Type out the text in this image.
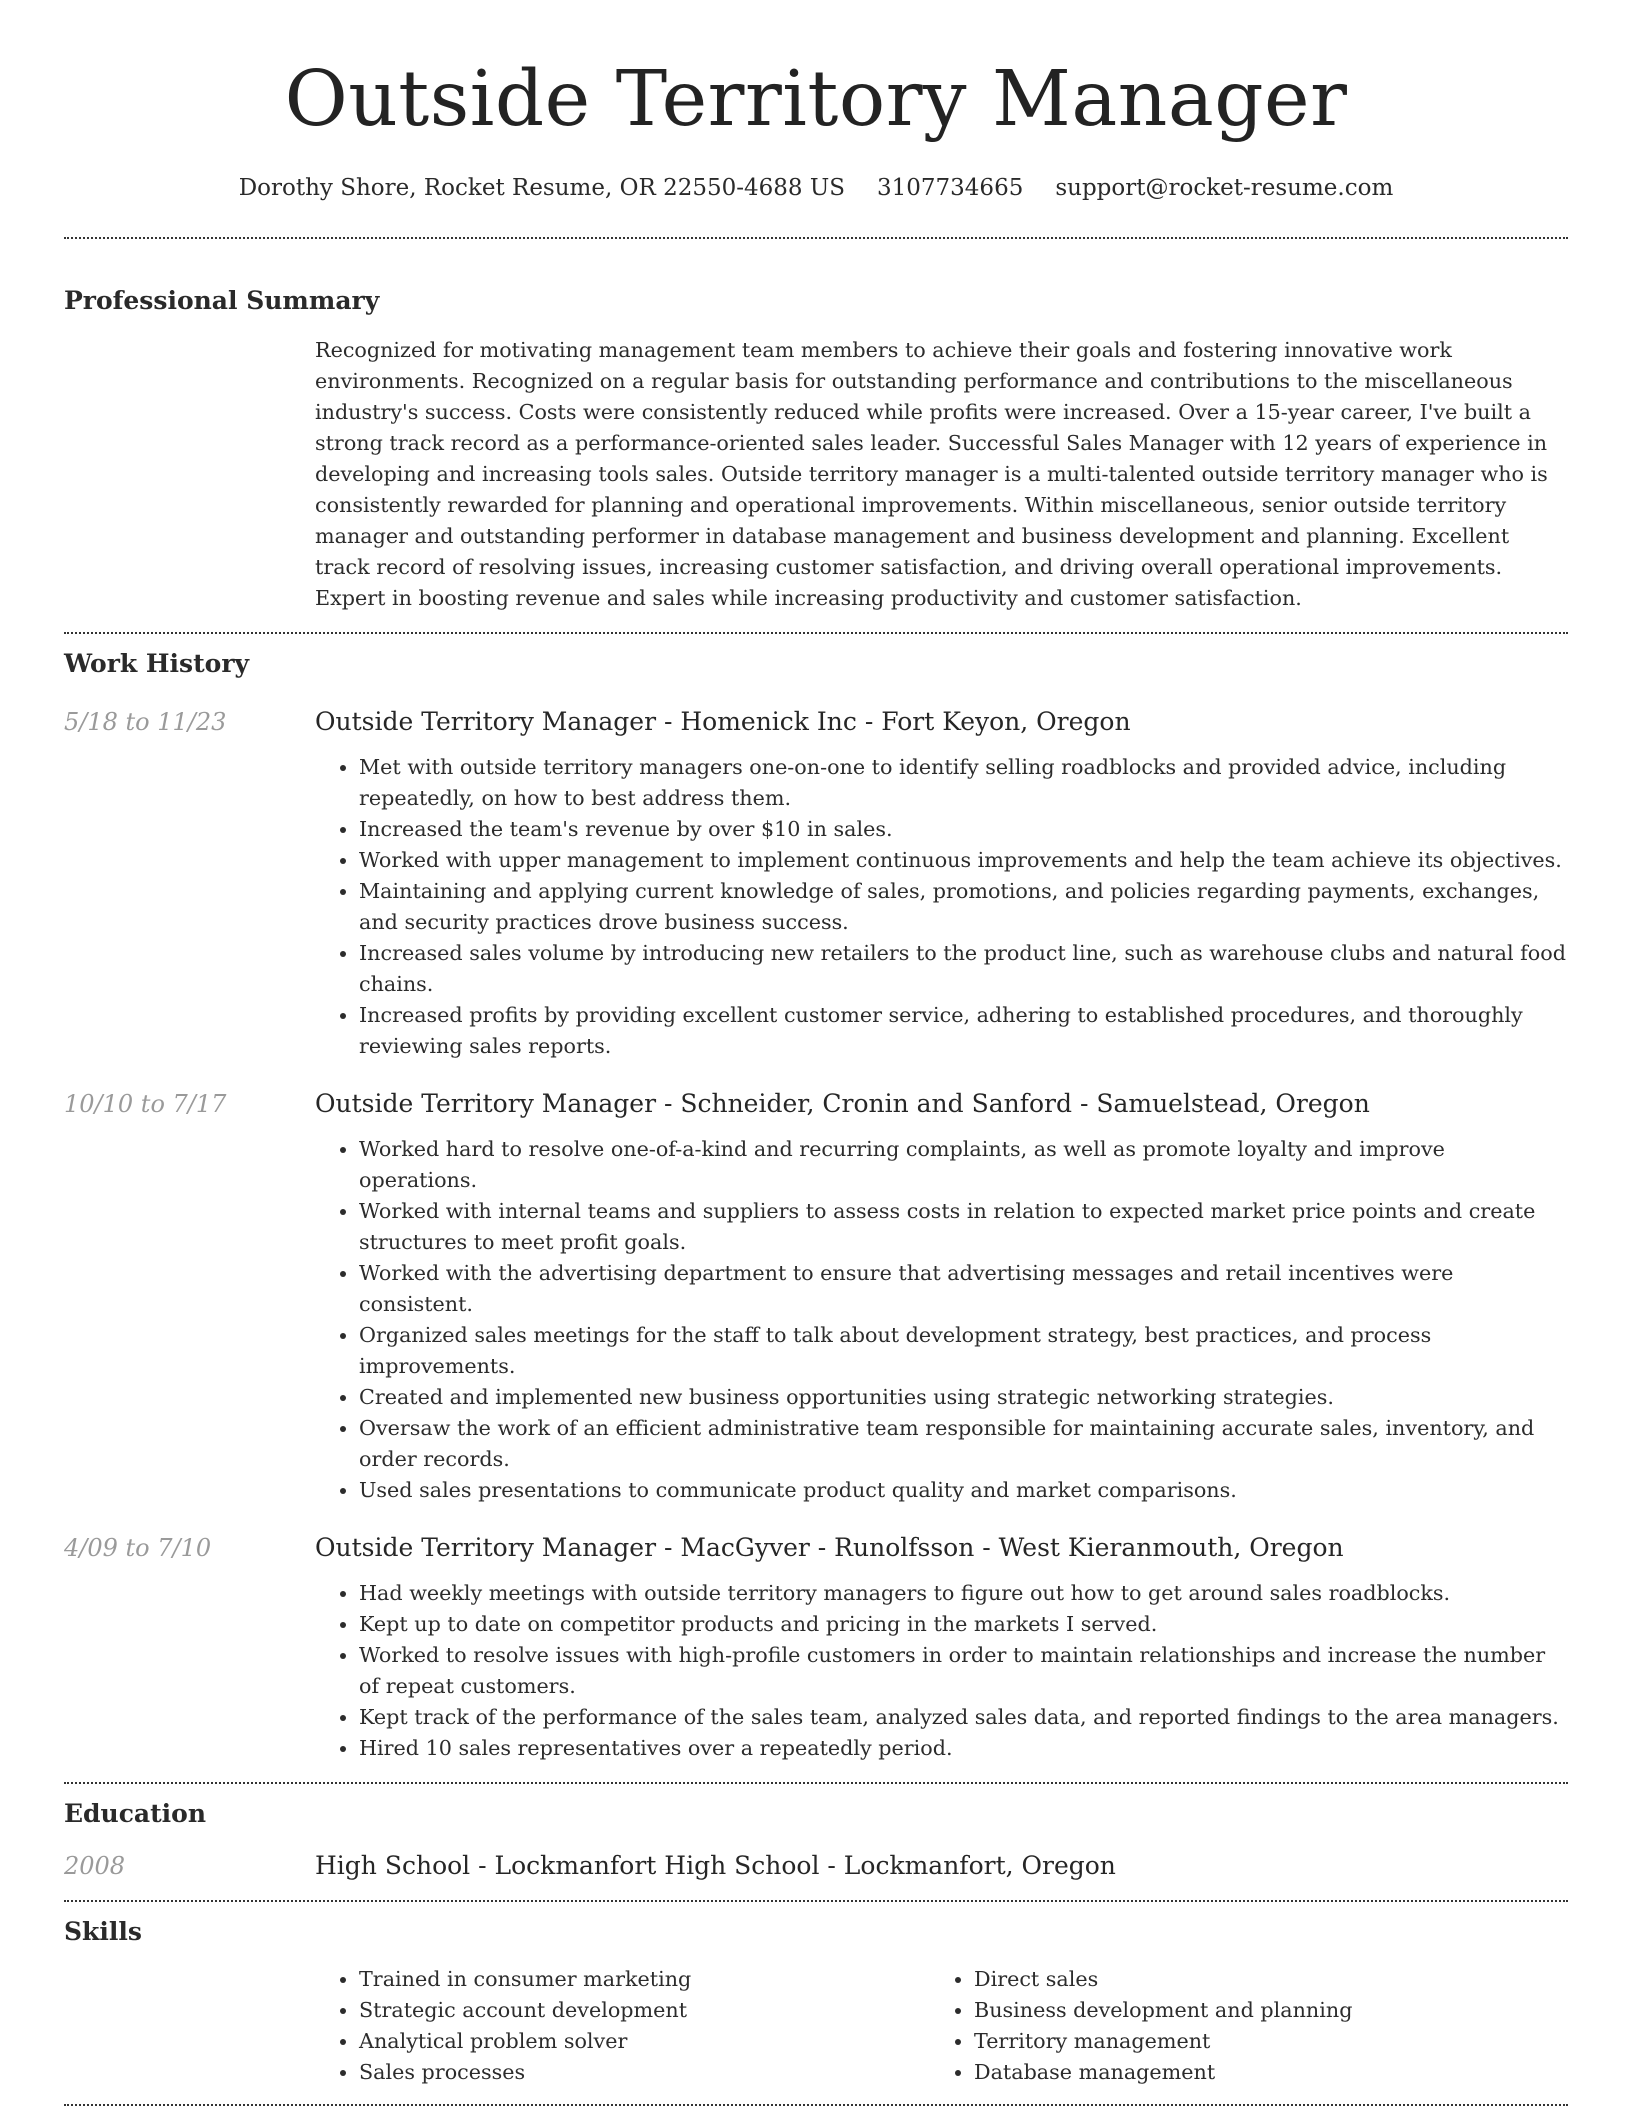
Outside Territory Manager
Dorothy Shore, Rocket Resume, OR 22550-4688 US 3107734665 support@rocket-resume.com
Professional Summary

Recognized for motivating management team members to achieve their goals and fostering innovative work environments. Recognized on a regular basis for outstanding performance and contributions to the miscellaneous industry's success. Costs were consistently reduced while profits were increased. Over a 15-year career, I've built a strong track record as a performance-oriented sales leader. Successful Sales Manager with 12 years of experience in developing and increasing tools sales. Outside territory manager is a multi-talented outside territory manager who is consistently rewarded for planning and operational improvements. Within miscellaneous, senior outside territory manager and outstanding performer in database management and business development and planning. Excellent track record of resolving issues, increasing customer satisfaction, and driving overall operational improvements. Expert in boosting revenue and sales while increasing productivity and customer satisfaction.

Work History
5/18 to 11/23	Outside Territory Manager - Homenick Inc - Fort Keyon, Oregon
• Met with outside territory managers one-on-one to identify selling roadblocks and provided advice, including repeatedly, on how to best address them.
• Increased the team's revenue by over $10 in sales.
• Worked with upper management to implement continuous improvements and help the team achieve its objectives.
• Maintaining and applying current knowledge of sales, promotions, and policies regarding payments, exchanges, and security practices drove business success.
• Increased sales volume by introducing new retailers to the product line, such as warehouse clubs and natural food chains.
• Increased profits by providing excellent customer service, adhering to established procedures, and thoroughly reviewing sales reports.
10/10 to 7/17	Outside Territory Manager - Schneider, Cronin and Sanford - Samuelstead, Oregon
• Worked hard to resolve one-of-a-kind and recurring complaints, as well as promote loyalty and improve operations.
• Worked with internal teams and suppliers to assess costs in relation to expected market price points and create structures to meet profit goals.
• Worked with the advertising department to ensure that advertising messages and retail incentives were consistent.
• Organized sales meetings for the staff to talk about development strategy, best practices, and process improvements.
• Created and implemented new business opportunities using strategic networking strategies.
• Oversaw the work of an efficient administrative team responsible for maintaining accurate sales, inventory, and order records.
• Used sales presentations to communicate product quality and market comparisons.
4/09 to 7/10	Outside Territory Manager - MacGyver - Runolfsson - West Kieranmouth, Oregon
• Had weekly meetings with outside territory managers to figure out how to get around sales roadblocks.
• Kept up to date on competitor products and pricing in the markets I served.
• Worked to resolve issues with high-profile customers in order to maintain relationships and increase the number of repeat customers.
• Kept track of the performance of the sales team, analyzed sales data, and reported findings to the area managers.
• Hired 10 sales representatives over a repeatedly period.
Education
2008	High School - Lockmanfort High School - Lockmanfort, Oregon
Skills
• Trained in consumer marketing
• Strategic account development
• Analytical problem solver
• Sales processes
• Direct sales
• Business development and planning
• Territory management
• Database management
